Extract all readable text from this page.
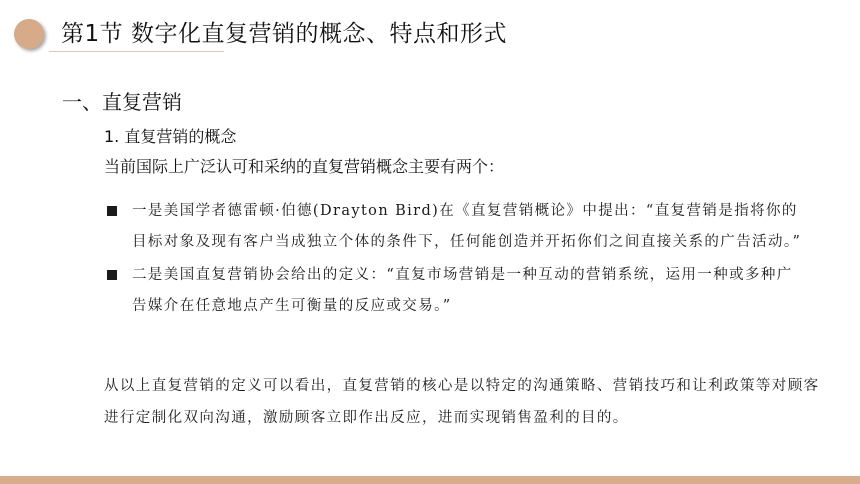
第1节 数字化直复营销的概念、特点和形式
一、直复营销
1. 直复营销的概念
当前国际上广泛认可和采纳的直复营销概念主要有两个：
一是美国学者德雷顿·伯德(Drayton Bird)在《直复营销概论》中提出：“直复营销是指将你的目标对象及现有客户当成独立个体的条件下，任何能创造并开拓你们之间直接关系的广告活动。”
二是美国直复营销协会给出的定义：“直复市场营销是一种互动的营销系统，运用一种或多种广告媒介在任意地点产生可衡量的反应或交易。”

从以上直复营销的定义可以看出，直复营销的核心是以特定的沟通策略、营销技巧和让利政策等对顾客进行定制化双向沟通，激励顾客立即作出反应，进而实现销售盈利的目的。
